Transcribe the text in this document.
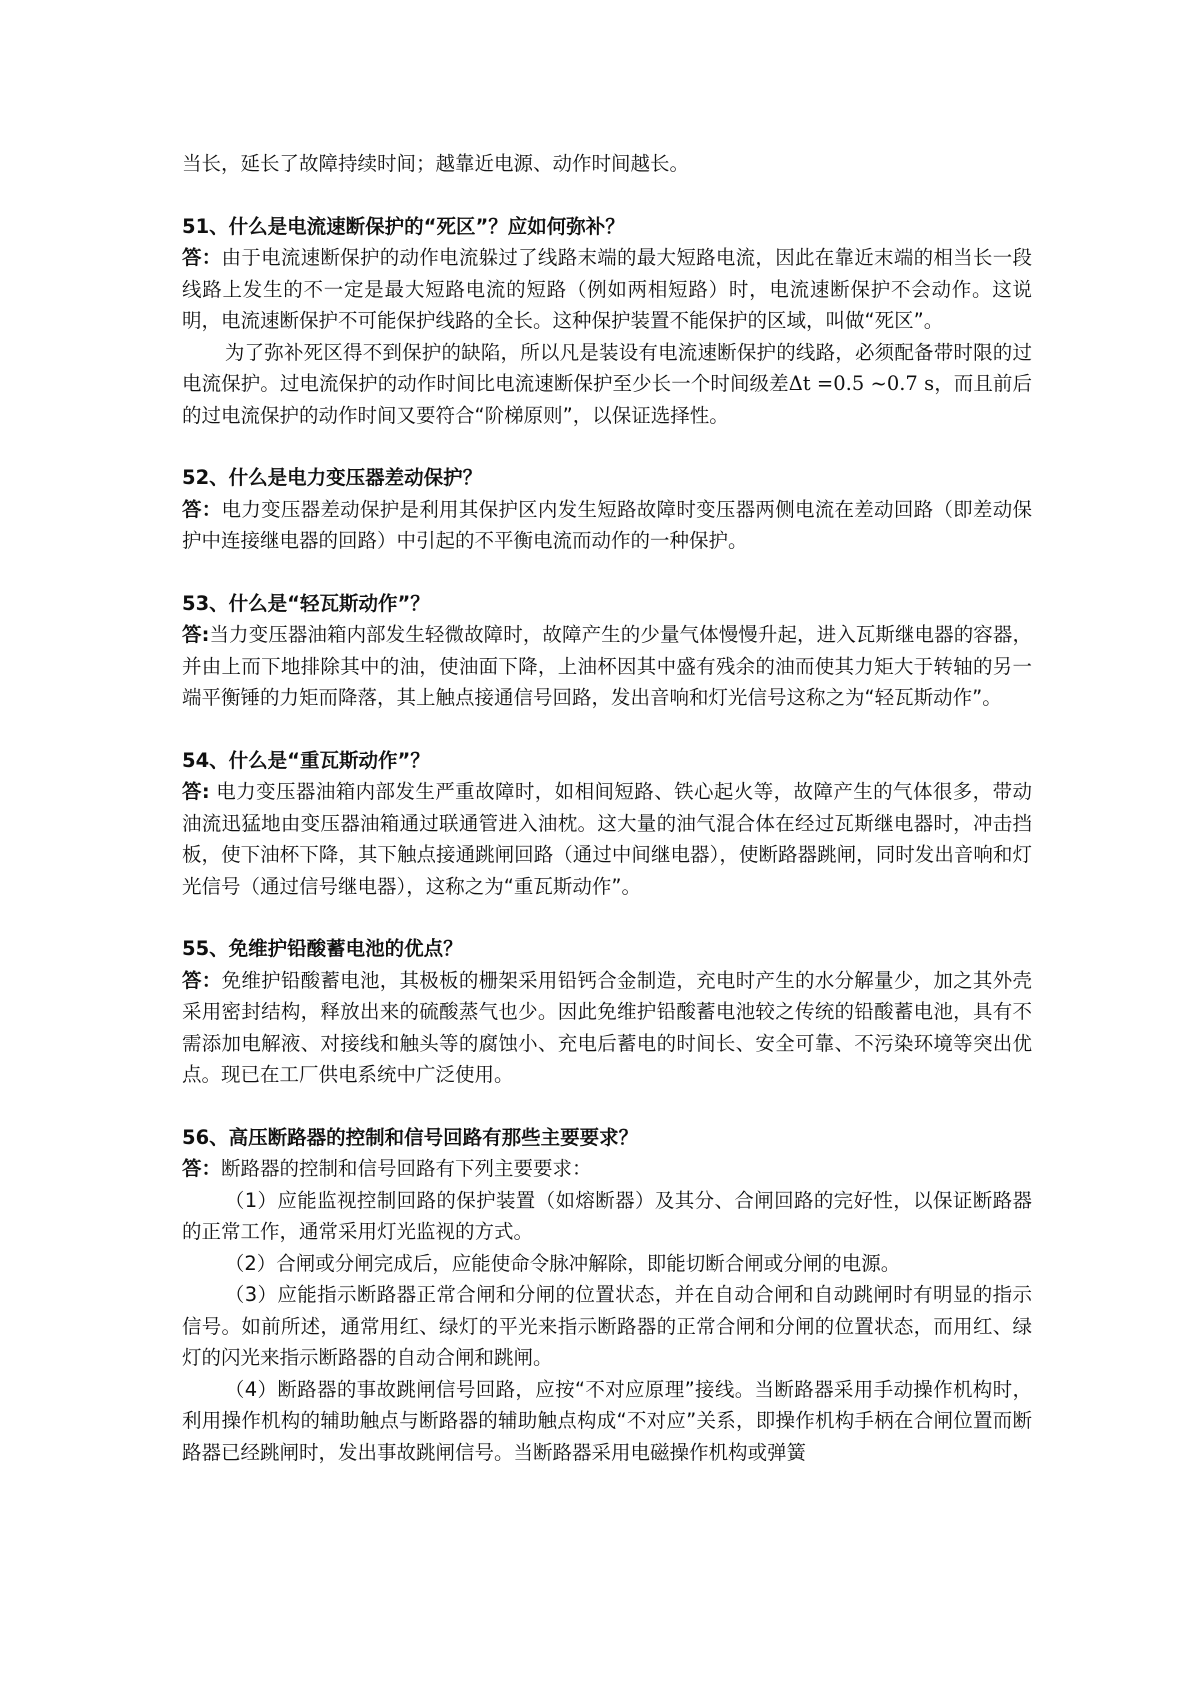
当长，延长了故障持续时间；越靠近电源、动作时间越长。

51、什么是电流速断保护的“死区”？应如何弥补？

答：由于电流速断保护的动作电流躲过了线路末端的最大短路电流，因此在靠近末端的相当长一段线路上发生的不一定是最大短路电流的短路（例如两相短路）时，电流速断保护不会动作。这说明，电流速断保护不可能保护线路的全长。这种保护装置不能保护的区域，叫做“死区”。

为了弥补死区得不到保护的缺陷，所以凡是装设有电流速断保护的线路，必须配备带时限的过电流保护。过电流保护的动作时间比电流速断保护至少长一个时间级差Δt =0.5 ~0.7 s，而且前后的过电流保护的动作时间又要符合“阶梯原则”，以保证选择性。

52、什么是电力变压器差动保护？

答：电力变压器差动保护是利用其保护区内发生短路故障时变压器两侧电流在差动回路（即差动保护中连接继电器的回路）中引起的不平衡电流而动作的一种保护。

53、什么是“轻瓦斯动作”？

答:当力变压器油箱内部发生轻微故障时，故障产生的少量气体慢慢升起，进入瓦斯继电器的容器，并由上而下地排除其中的油，使油面下降，上油杯因其中盛有残余的油而使其力矩大于转轴的另一端平衡锤的力矩而降落，其上触点接通信号回路，发出音响和灯光信号这称之为“轻瓦斯动作”。

54、什么是“重瓦斯动作”？

答: 电力变压器油箱内部发生严重故障时，如相间短路、铁心起火等，故障产生的气体很多，带动油流迅猛地由变压器油箱通过联通管进入油枕。这大量的油气混合体在经过瓦斯继电器时，冲击挡板，使下油杯下降，其下触点接通跳闸回路（通过中间继电器），使断路器跳闸，同时发出音响和灯光信号（通过信号继电器），这称之为“重瓦斯动作”。

55、免维护铅酸蓄电池的优点？

答：免维护铅酸蓄电池，其极板的栅架采用铅钙合金制造，充电时产生的水分解量少，加之其外壳采用密封结构，释放出来的硫酸蒸气也少。因此免维护铅酸蓄电池较之传统的铅酸蓄电池，具有不需添加电解液、对接线和触头等的腐蚀小、充电后蓄电的时间长、安全可靠、不污染环境等突出优点。现已在工厂供电系统中广泛使用。

56、高压断路器的控制和信号回路有那些主要要求？

答：断路器的控制和信号回路有下列主要要求：

（1）应能监视控制回路的保护装置（如熔断器）及其分、合闸回路的完好性，以保证断路器的正常工作，通常采用灯光监视的方式。

（2）合闸或分闸完成后，应能使命令脉冲解除，即能切断合闸或分闸的电源。

（3）应能指示断路器正常合闸和分闸的位置状态，并在自动合闸和自动跳闸时有明显的指示信号。如前所述，通常用红、绿灯的平光来指示断路器的正常合闸和分闸的位置状态，而用红、绿灯的闪光来指示断路器的自动合闸和跳闸。

（4）断路器的事故跳闸信号回路，应按“不对应原理”接线。当断路器采用手动操作机构时，利用操作机构的辅助触点与断路器的辅助触点构成“不对应”关系，即操作机构手柄在合闸位置而断路器已经跳闸时，发出事故跳闸信号。当断路器采用电磁操作机构或弹簧
